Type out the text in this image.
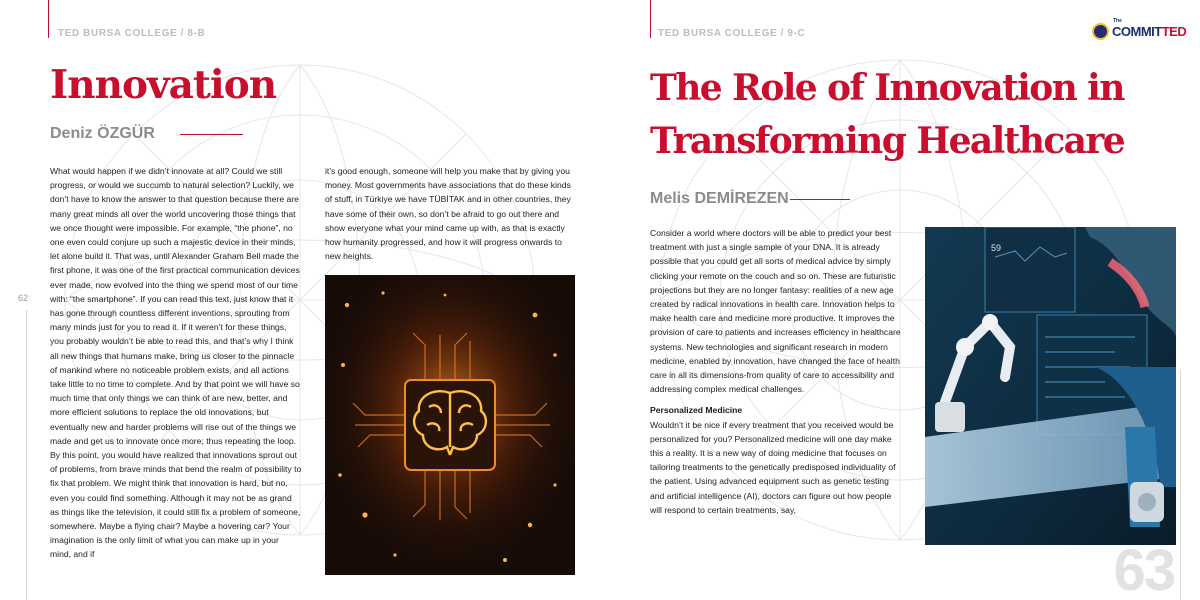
TED BURSA COLLEGE / 8-B
Innovation
Deniz ÖZGÜR

What would happen if we didn’t innovate at all? Could we still progress, or would we succumb to natural selection? Luckily, we don’t have to know the answer to that question because there are many great minds all over the world uncovering those things that we once thought were impossible. For example, “the phone”, no one even could conjure up such a majestic device in their minds, let alone build it. That was, until Alexander Graham Bell made the first phone, it was one of the first practical communication devices ever made, now evolved into the thing we spend most of our time with: “the smartphone”. If you can read this text, just know that it has gone through countless different inventions, sprouting from many minds just for you to read it. If it weren’t for these things, you probably wouldn’t be able to read this, and that’s why I think all new things that humans make, bring us closer to the pinnacle of mankind where no noticeable problem exists, and all actions take little to no time to complete. And by that point we will have so much time that only things we can think of are new, better, and more efficient solutions to replace the old innovations, but eventually new and harder problems will rise out of the things we made and get us to innovate once more; thus repeating the loop. By this point, you would have realized that innovations sprout out of problems, from brave minds that bend the realm of possibility to fix that problem. We might think that innovation is hard, but no, even you could find something. Although it may not be as grand as things like the television, it could still fix a problem of someone, somewhere. Maybe a flying chair? Maybe a hovering car? Your imagination is the only limit of what you can make up in your mind, and if

it’s good enough, someone will help you make that by giving you money. Most governments have associations that do these kinds of stuff, in Türkiye we have TÜBİTAK and in other countries, they have some of their own, so don’t be afraid to go out there and show everyone what your mind came up with, as that is exactly how humanity progressed, and how it will progress onwards to new heights.

62
TED BURSA COLLEGE / 9-C
The
COMMITTED
The Role of Innovation in
Transforming Healthcare
Melis DEMİREZEN

Consider a world where doctors will be able to predict your best treatment with just a single sample of your DNA. It is already possible that you could get all sorts of medical advice by simply clicking your remote on the couch and so on. These are futuristic projections but they are no longer fantasy: realities of a new age created by radical innovations in health care. Innovation helps to make health care and medicine more productive. It improves the provision of care to patients and increases efficiency in healthcare systems. New technologies and significant research in modern medicine, enabled by innovation, have changed the face of health care in all its dimensions-from quality of care to accessibility and addressing complex medical challenges.

Personalized Medicine

Wouldn’t it be nice if every treatment that you received would be personalized for you? Personalized medicine will one day make this a reality. It is a new way of doing medicine that focuses on tailoring treatments to the genetically predisposed individuality of the patient. Using advanced equipment such as genetic testing and artificial intelligence (AI), doctors can figure out how people will respond to certain treatments, say,

59
63
